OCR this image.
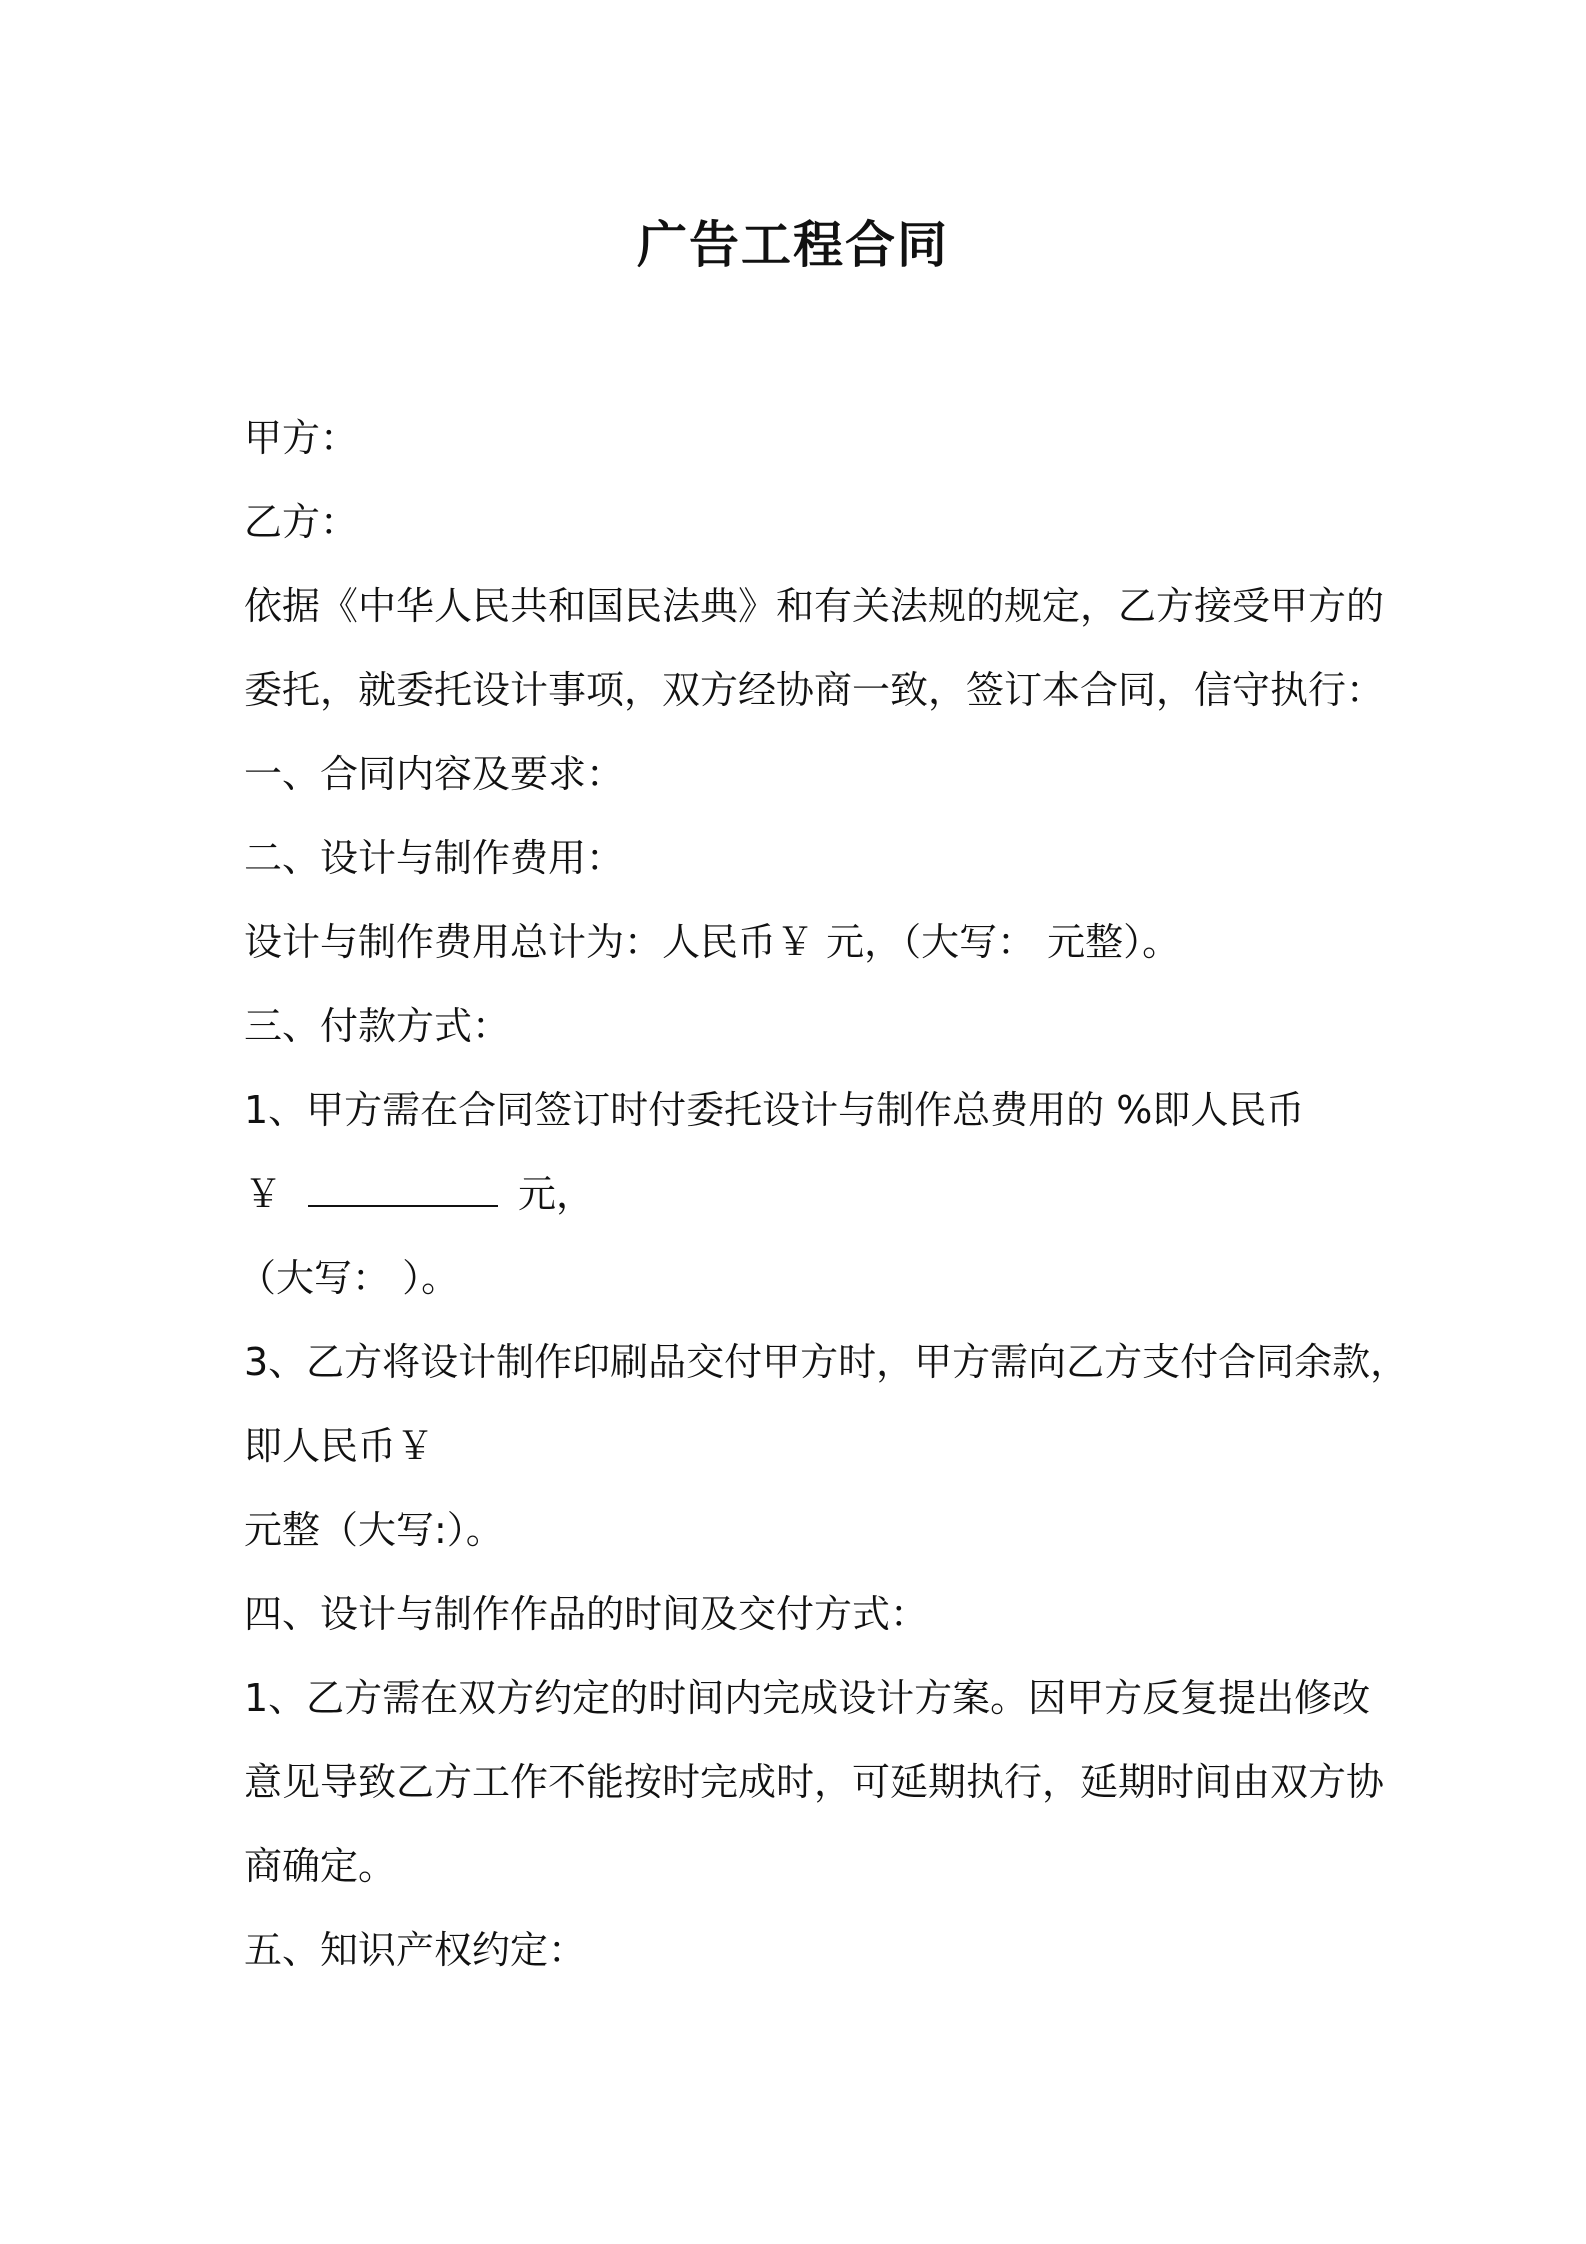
广告工程合同
甲方：
乙方：
依据《中华人民共和国民法典》和有关法规的规定，乙方接受甲方的
委托，就委托设计事项，双方经协商一致，签订本合同，信守执行：
一、合同内容及要求：
二、设计与制作费用：
设计与制作费用总计为：人民币￥ 元，（大写： 元整）。
三、付款方式：
1、甲方需在合同签订时付委托设计与制作总费用的 %即人民币
￥	元，
（大写： ）。
3、乙方将设计制作印刷品交付甲方时，甲方需向乙方支付合同余款，
即人民币￥
元整（大写:）。
四、设计与制作作品的时间及交付方式：
1、乙方需在双方约定的时间内完成设计方案。因甲方反复提出修改
意见导致乙方工作不能按时完成时，可延期执行，延期时间由双方协
商确定。
五、知识产权约定：
